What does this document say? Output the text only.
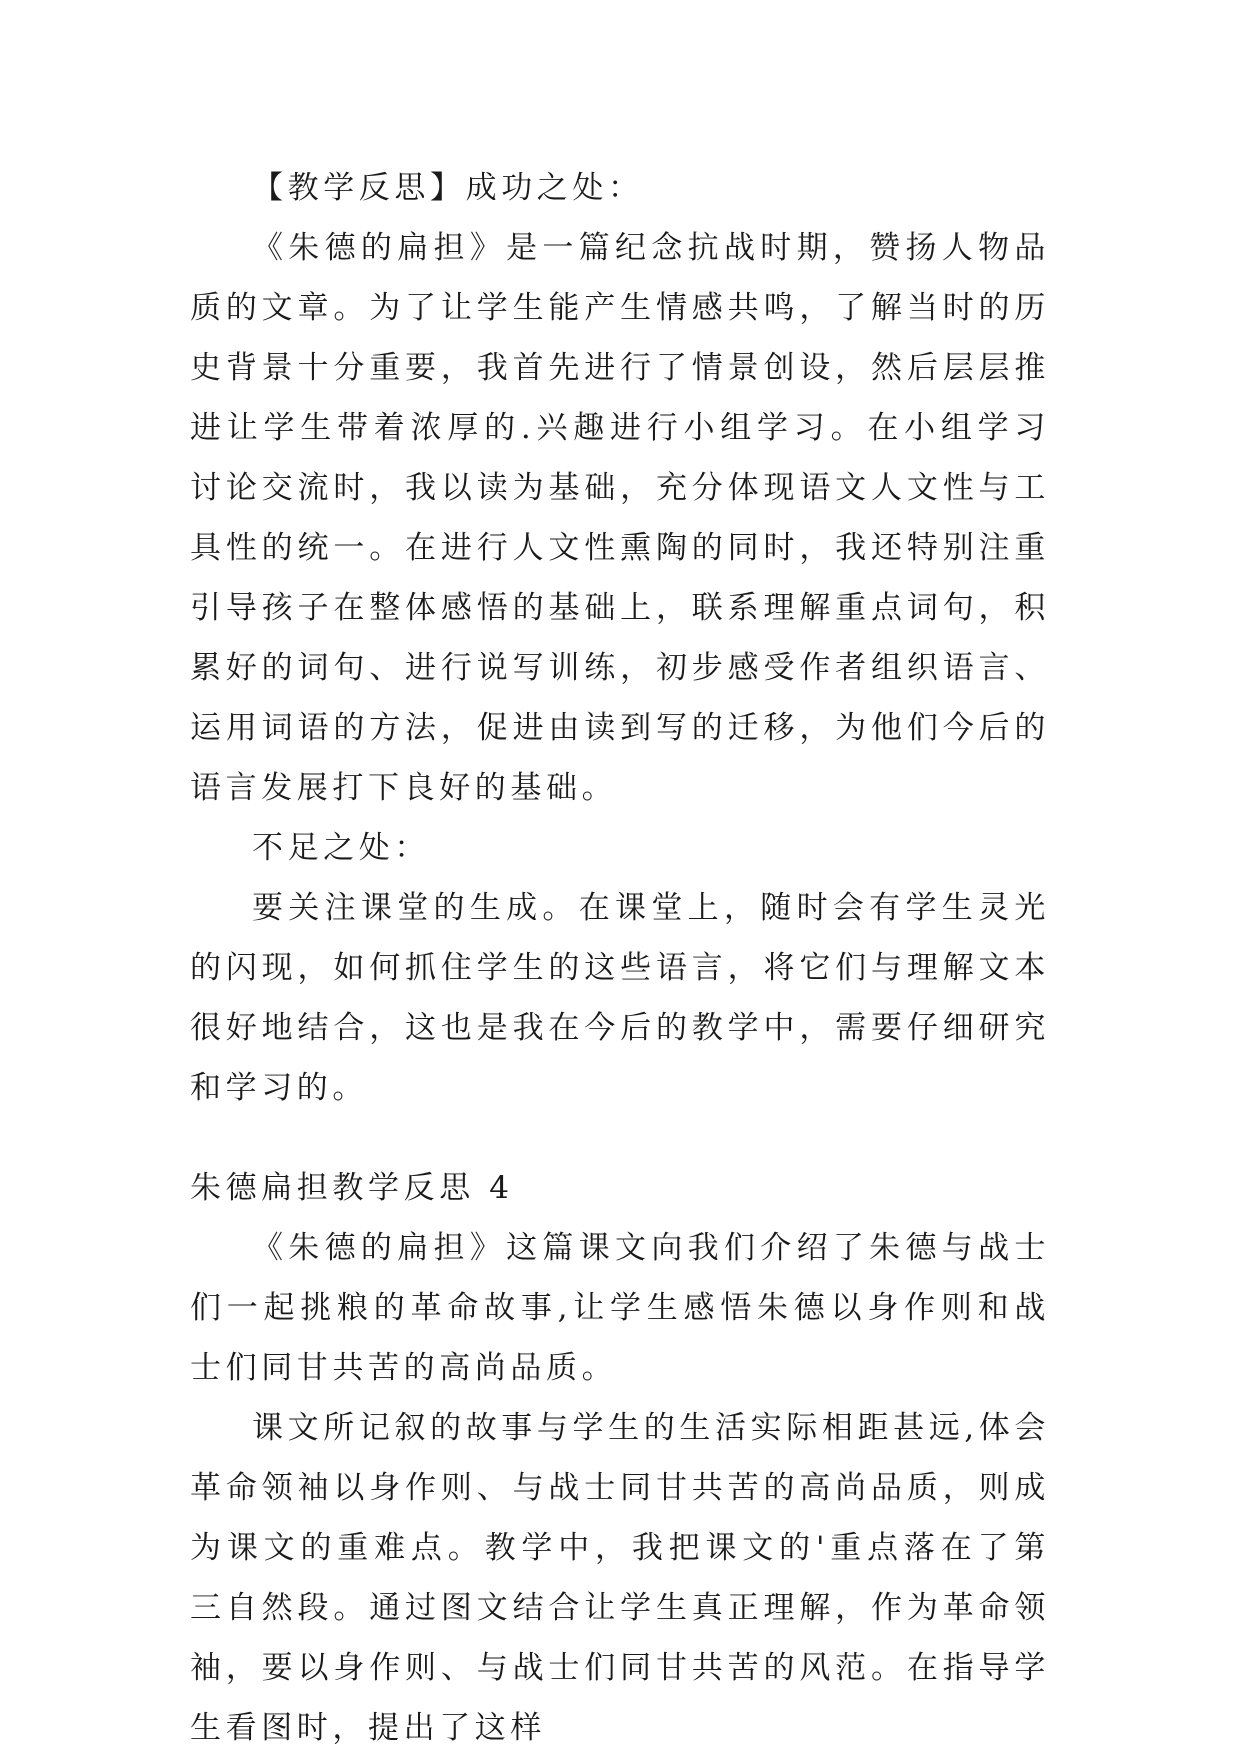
【教学反思】成功之处：

《朱德的扁担》是一篇纪念抗战时期，赞扬人物品质的文章。为了让学生能产生情感共鸣，了解当时的历史背景十分重要，我首先进行了情景创设，然后层层推进让学生带着浓厚的.兴趣进行小组学习。在小组学习讨论交流时，我以读为基础，充分体现语文人文性与工具性的统一。在进行人文性熏陶的同时，我还特别注重引导孩子在整体感悟的基础上，联系理解重点词句，积累好的词句、进行说写训练，初步感受作者组织语言、运用词语的方法，促进由读到写的迁移，为他们今后的语言发展打下良好的基础。

不足之处：

要关注课堂的生成。在课堂上，随时会有学生灵光的闪现，如何抓住学生的这些语言，将它们与理解文本很好地结合，这也是我在今后的教学中，需要仔细研究和学习的。

朱德扁担教学反思 4

《朱德的扁担》这篇课文向我们介绍了朱德与战士们一起挑粮的革命故事,让学生感悟朱德以身作则和战士们同甘共苦的高尚品质。

课文所记叙的故事与学生的生活实际相距甚远,体会革命领袖以身作则、与战士同甘共苦的高尚品质，则成为课文的重难点。教学中，我把课文的'重点落在了第三自然段。通过图文结合让学生真正理解，作为革命领袖，要以身作则、与战士们同甘共苦的风范。在指导学生看图时，提出了这样
